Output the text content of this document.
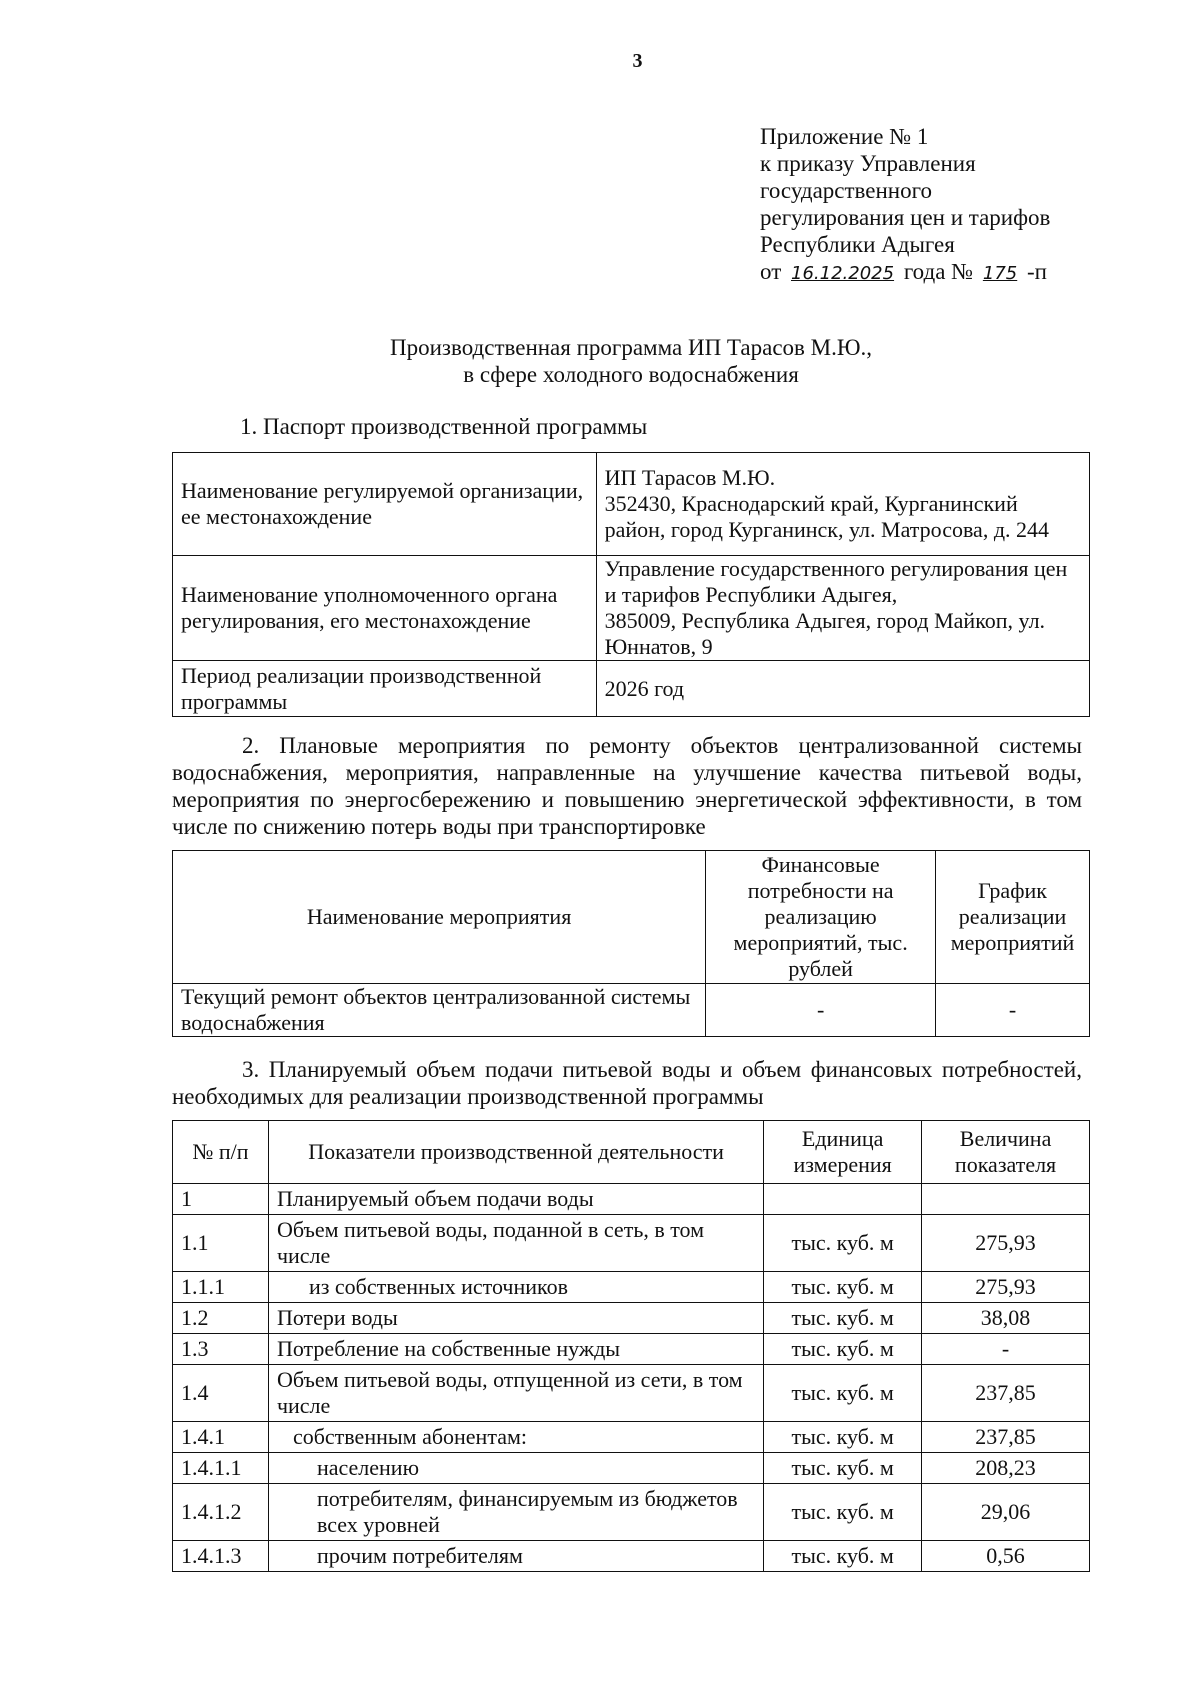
3
Приложение № 1
к приказу Управления
государственного
регулирования цен и тарифов
Республики Адыгея
от 16.12.2025 года № 175 -п
Производственная программа ИП Тарасов М.Ю.,
в сфере холодного водоснабжения
1. Паспорт производственной программы
Наименование регулируемой организации, ее местонахождение	ИП Тарасов М.Ю.
352430, Краснодарский край, Курганинский район, город Курганинск, ул. Матросова, д. 244

Наименование уполномоченного органа регулирования, его местонахождение	Управление государственного регулирования цен и тарифов Республики Адыгея,
385009, Республика Адыгея, город Майкоп, ул. Юннатов, 9

Период реализации производственной программы	2026 год
2. Плановые мероприятия по ремонту объектов централизованной системы водоснабжения, мероприятия, направленные на улучшение качества питьевой воды, мероприятия по энергосбережению и повышению энергетической эффективности, в том числе по снижению потерь воды при транспортировке
Наименование мероприятия	Финансовые потребности на реализацию мероприятий, тыс. рублей	График реализации мероприятий
Текущий ремонт объектов централизованной системы водоснабжения	-	-
3. Планируемый объем подачи питьевой воды и объем финансовых потребностей, необходимых для реализации производственной программы
№ п/п	Показатели производственной деятельности	Единица измерения	Величина показателя
1	Планируемый объем подачи воды		
1.1	Объем питьевой воды, поданной в сеть, в том числе	тыс. куб. м	275,93
1.1.1	из собственных источников	тыс. куб. м	275,93
1.2	Потери воды	тыс. куб. м	38,08
1.3	Потребление на собственные нужды	тыс. куб. м	-
1.4	Объем питьевой воды, отпущенной из сети, в том числе	тыс. куб. м	237,85
1.4.1	собственным абонентам:	тыс. куб. м	237,85
1.4.1.1	населению	тыс. куб. м	208,23
1.4.1.2	потребителям, финансируемым из бюджетов всех уровней	тыс. куб. м	29,06
1.4.1.3	прочим потребителям	тыс. куб. м	0,56
